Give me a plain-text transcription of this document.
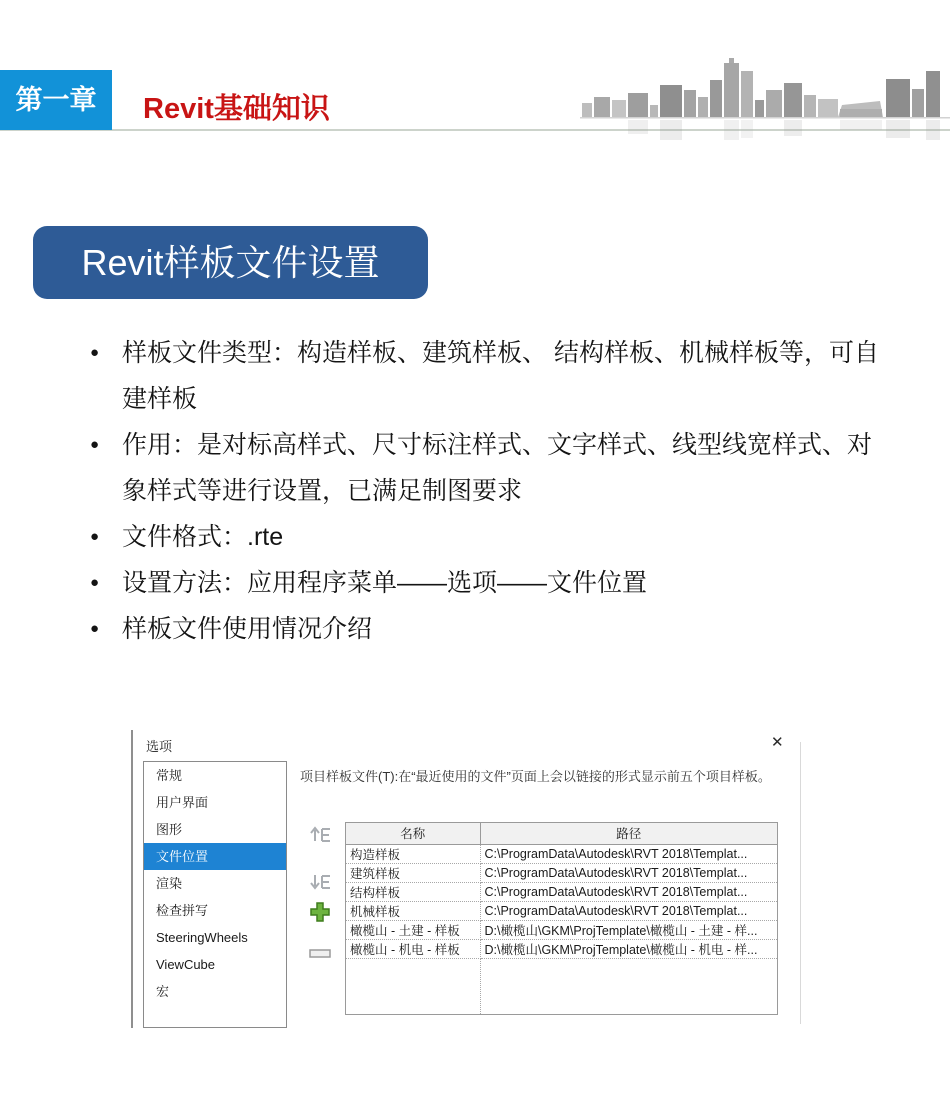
第一章	Revit基础知识
Revit样板文件设置
● 样板文件类型：构造样板、建筑样板、 结构样板、机械样板等，可自
建样板
● 作用：是对标高样式、尺寸标注样式、文字样式、线型线宽样式、对
象样式等进行设置，已满足制图要求
● 文件格式：.rte
● 设置方法：应用程序菜单——选项——文件位置
● 样板文件使用情况介绍
选项	✕
项目样板文件(T):在“最近使用的文件”页面上会以链接的形式显示前五个项目样板。
常规
用户界面
图形
文件位置
渲染
检查拼写
SteeringWheels
ViewCube
宏
名称	路径
构造样板	C:\ProgramData\Autodesk\RVT 2018\Templat...
建筑样板	C:\ProgramData\Autodesk\RVT 2018\Templat...
结构样板	C:\ProgramData\Autodesk\RVT 2018\Templat...
机械样板	C:\ProgramData\Autodesk\RVT 2018\Templat...
橄榄山 - 土建 - 样板	D:\橄榄山\GKM\ProjTemplate\橄榄山 - 土建 - 样...
橄榄山 - 机电 - 样板	D:\橄榄山\GKM\ProjTemplate\橄榄山 - 机电 - 样...
